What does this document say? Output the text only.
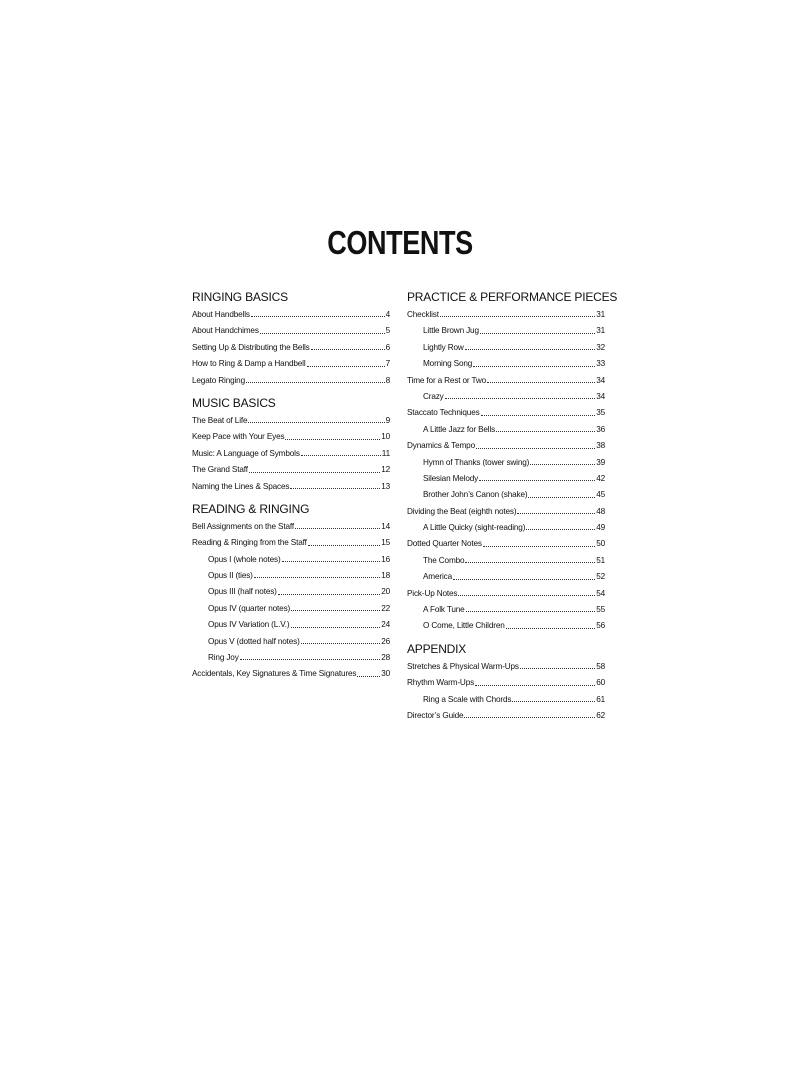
CONTENTS
RINGING BASICS
About Handbells	4
About Handchimes	5
Setting Up & Distributing the Bells	6
How to Ring & Damp a Handbell	7
Legato Ringing	8
MUSIC BASICS
The Beat of Life	9
Keep Pace with Your Eyes	10
Music: A Language of Symbols	11
The Grand Staff	12
Naming the Lines & Spaces	13
READING & RINGING
Bell Assignments on the Staff	14
Reading & Ringing from the Staff	15
Opus I (whole notes)	16
Opus II (ties)	18
Opus III (half notes)	20
Opus IV (quarter notes)	22
Opus IV Variation (L.V.)	24
Opus V (dotted half notes)	26
Ring Joy	28
Accidentals, Key Signatures & Time Signatures	30
PRACTICE & PERFORMANCE PIECES
Checklist	31
Little Brown Jug	31
Lightly Row	32
Morning Song	33
Time for a Rest or Two	34
Crazy	34
Staccato Techniques	35
A Little Jazz for Bells	36
Dynamics & Tempo	38
Hymn of Thanks (tower swing)	39
Silesian Melody	42
Brother John’s Canon (shake)	45
Dividing the Beat (eighth notes)	48
A Little Quicky (sight-reading)	49
Dotted Quarter Notes	50
The Combo	51
America	52
Pick-Up Notes	54
A Folk Tune	55
O Come, Little Children	56
APPENDIX
Stretches & Physical Warm-Ups	58
Rhythm Warm-Ups	60
Ring a Scale with Chords	61
Director’s Guide	62
